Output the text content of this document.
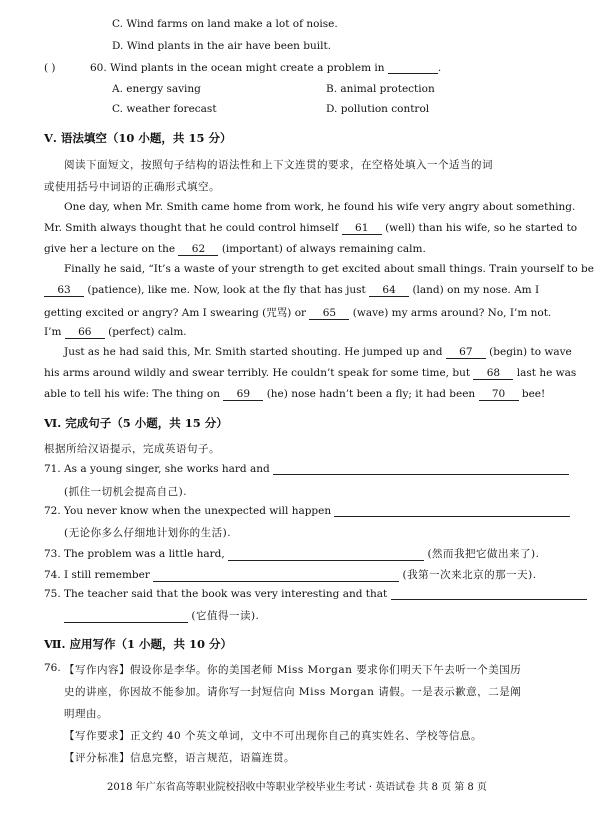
C. Wind farms on land make a lot of noise.
D. Wind plants in the air have been built.
( )	60. Wind plants in the ocean might create a problem in	.
A. energy saving	B. animal protection
C. weather forecast	D. pollution control
Ⅴ. 语法填空（10 小题，共 15 分）
阅读下面短文，按照句子结构的语法性和上下文连贯的要求，在空格处填入一个适当的词
或使用括号中词语的正确形式填空。
One day, when Mr. Smith came home from work, he found his wife very angry about something.
Mr. Smith always thought that he could control himself 61 (well) than his wife, so he started to
give her a lecture on the 62 (important) of always remaining calm.
Finally he said, “It’s a waste of your strength to get excited about small things. Train yourself to be
63 (patience), like me. Now, look at the fly that has just 64 (land) on my nose. Am I
getting excited or angry? Am I swearing (咒骂) or 65 (wave) my arms around? No, I’m not.
I’m 66 (perfect) calm.
Just as he had said this, Mr. Smith started shouting. He jumped up and 67 (begin) to wave
his arms around wildly and swear terribly. He couldn’t speak for some time, but 68 last he was
able to tell his wife: The thing on 69 (he) nose hadn’t been a fly; it had been 70 bee!
Ⅵ. 完成句子（5 小题，共 15 分）
根据所给汉语提示，完成英语句子。
71. As a young singer, she works hard and
(抓住一切机会提高自己).
72. You never know when the unexpected will happen
(无论你多么仔细地计划你的生活).
73. The problem was a little hard,	(然而我把它做出来了).
74. I still remember	(我第一次来北京的那一天).
75. The teacher said that the book was very interesting and that
(它值得一读).
Ⅶ. 应用写作（1 小题，共 10 分）
76. 【写作内容】假设你是李华。你的美国老师 Miss Morgan 要求你们明天下午去听一个美国历
史的讲座，你因故不能参加。请你写一封短信向 Miss Morgan 请假。一是表示歉意，二是阐
明理由。
【写作要求】正文约 40 个英文单词，文中不可出现你自己的真实姓名、学校等信息。
【评分标准】信息完整，语言规范，语篇连贯。
2018 年广东省高等职业院校招收中等职业学校毕业生考试 · 英语试卷 共 8 页 第 8 页
